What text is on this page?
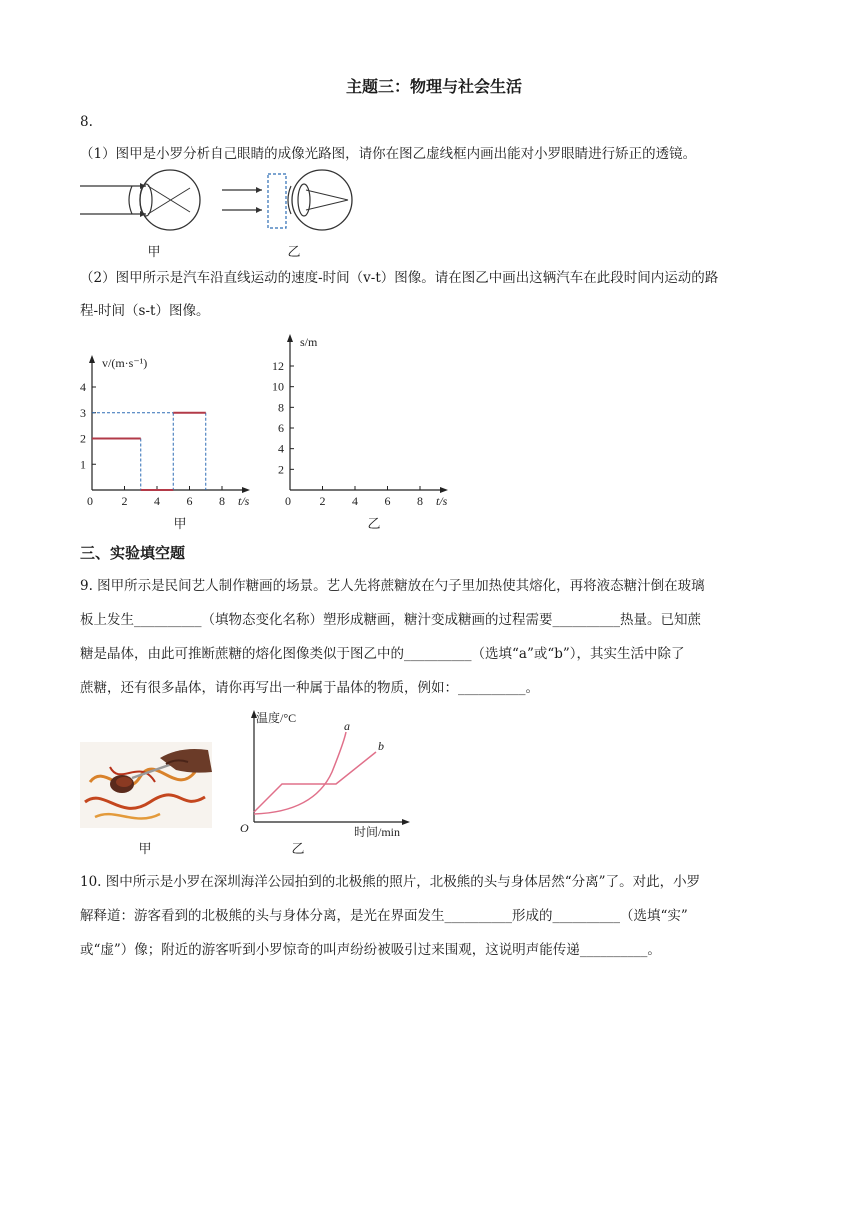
主题三：物理与社会生活
8.
（1）图甲是小罗分析自己眼睛的成像光路图，请你在图乙虚线框内画出能对小罗眼睛进行矫正的透镜。
甲	乙
（2）图甲所示是汽车沿直线运动的速度-时间（v-t）图像。请在图乙中画出这辆汽车在此段时间内运动的路
程-时间（s-t）图像。
0 2 4 6 8
1
2
3
4
t/s
v/(m·s⁻¹)
0 2 4 6 8
2
4
6
8
10
12
t/s
s/m
甲	乙
三、实验填空题
9. 图甲所示是民间艺人制作糖画的场景。艺人先将蔗糖放在勺子里加热使其熔化，再将液态糖汁倒在玻璃
板上发生__________（填物态变化名称）塑形成糖画，糖汁变成糖画的过程需要__________热量。已知蔗
糖是晶体，由此可推断蔗糖的熔化图像类似于图乙中的__________（选填“a”或“b”），其实生活中除了
蔗糖，还有很多晶体，请你再写出一种属于晶体的物质，例如：__________。
甲
温度/°C
时间/min
O
a
b
乙
10. 图中所示是小罗在深圳海洋公园拍到的北极熊的照片，北极熊的头与身体居然“分离”了。对此，小罗
解释道：游客看到的北极熊的头与身体分离，是光在界面发生__________形成的__________（选填“实”
或“虚”）像；附近的游客听到小罗惊奇的叫声纷纷被吸引过来围观，这说明声能传递__________。
